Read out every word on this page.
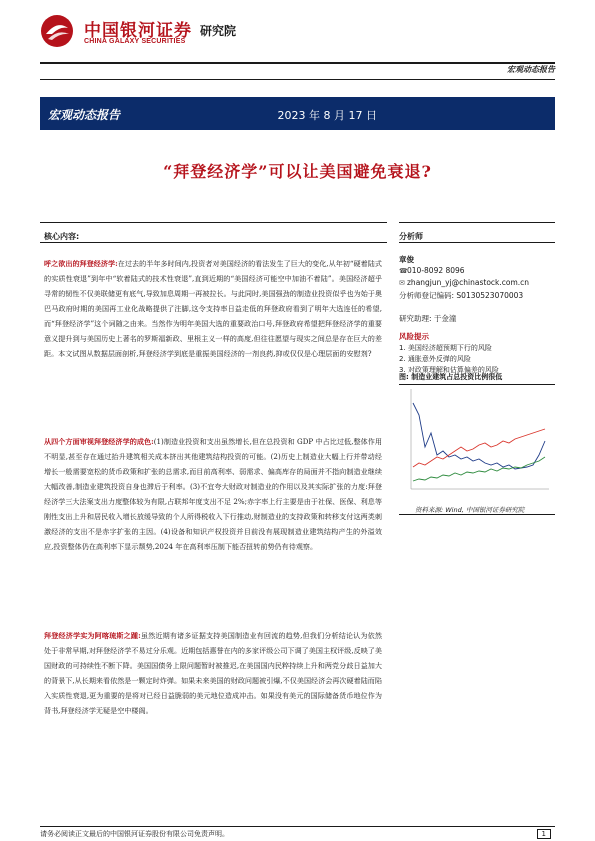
中国银河证券
CHINA GALAXY SECURITIES
研究院
宏观动态报告
宏观动态报告	2023 年 8 月 17 日
“拜登经济学”可以让美国避免衰退?
核心内容:	分析师
呼之欲出的拜登经济学:在过去的半年多时间内,投资者对美国经济的看法发生了巨大的变化,从年初“硬着陆式的实质性衰退”到年中“软着陆式的技术性衰退”,直到近期的“美国经济可能空中加油不着陆”。美国经济超乎寻常的韧性不仅美联储更有底气,导致加息周期一再被拉长。与此同时,美国强劲的制造业投资似乎也为始于奥巴马政府时期的美国再工业化战略提供了注脚,这令支持率日益走低的拜登政府看到了明年大选连任的希望,而“拜登经济学”这个词随之由来。当然作为明年美国大选的重要政治口号,拜登政府希望把拜登经济学的重要意义提升到与美国历史上著名的罗斯福新政、里根主义一样的高度,但往往愿望与现实之间总是存在巨大的差距。本文试图从数据层面剖析,拜登经济学到底是重振美国经济的一剂良药,抑或仅仅是心理层面的安慰剂?
从四个方面审视拜登经济学的成色:(1)制造业投资和支出虽然增长,但在总投资和 GDP 中占比过低,整体作用不明显,甚至存在通过抬升建筑相关成本挤出其他建筑结构投资的可能。(2)历史上制造业大幅上行并带动经增长一般需要宽松的货币政策和扩张的总需求,而目前高利率、弱需求、偏高库存的局面并不指向制造业继续大幅改善,制造业建筑投资自身也滞后于利率。(3)不宜夸大财政对制造业的作用以及其实际扩张的力度:拜登经济学三大法案支出力度整体较为有限,占联邦年度支出不足 2%;赤字率上行主要是由于社保、医保、利息等刚性支出上升和居民收入增长放缓导致的个人所得税收入下行推动,财制造业的支持政策和转移支付这两类刺激经济的支出不是赤字扩张的主因。(4)设备和知识产权投资并目前没有展现制造业建筑结构产生的外溢效应,投资整体仍在高利率下显示颓势,2024 年在高利率压制下能否扭转前势仍有待观察。
拜登经济学实为阿喀琉斯之踵:虽然近期有诸多证据支持美国制造业有回流的趋势,但我们分析结论认为依然处于非常早期,对拜登经济学不易过分乐观。近期包括惠誉在内的多家评级公司下调了美国主权评级,反映了美国财政的可持续性不断下降。美国国债务上限问题暂时被推迟,在美国国内民粹持续上升和两党分歧日益加大的背景下,从长期来看依然是一颗定时炸弹。如果未来美国的财政问题被引爆,不仅美国经济会再次硬着陆而陷入实质性衰退,更为重要的是将对已经日益脆弱的美元地位造成冲击。如果没有美元的国际储备货币地位作为背书,拜登经济学无疑是空中楼阁。
章俊
☎010-8092 8096
✉ zhangjun_yj@chinastock.com.cn
分析师登记编码: S0130523070003
研究助理: 于金潼
风险提示
1. 美国经济超预期下行的风险
2. 通胀意外反弹的风险
3. 对政策理解和估算偏差的风险
图: 制造业建筑占总投资比例很低
资料来源: Wind, 中国银河证券研究院
请务必阅读正文最后的中国银河证券股份有限公司免责声明。	1
